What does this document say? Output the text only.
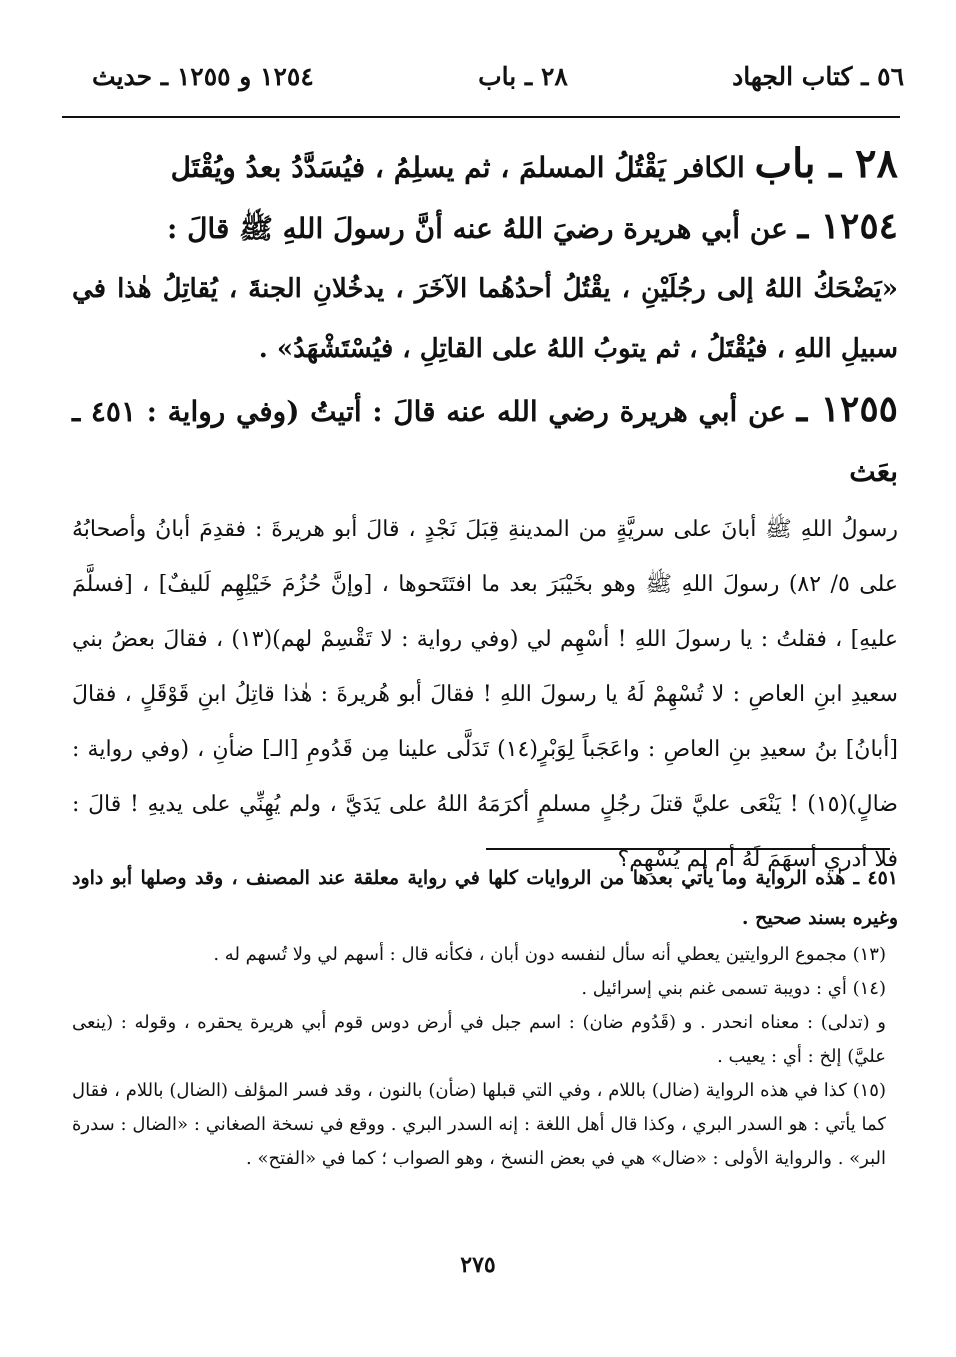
٥٦ ـ كتاب الجهاد
٢٨ ـ باب
١٢٥٤ و ١٢٥٥ ـ حديث

٢٨ ـ باب الكافر يَقْتُلُ المسلمَ ، ثم يسلِمُ ، فيُسَدَّدُ بعدُ ويُقْتَل

١٢٥٤ ـ عن أبي هريرة رضيَ اللهُ عنه أنَّ رسولَ اللهِ ﷺ قالَ :
«يَضْحَكُ اللهُ إلى رجُلَيْنِ ، يقْتُلُ أحدُهُما الآخَرَ ، يدخُلانِ الجنةَ ، يُقاتِلُ هٰذا في سبيلِ اللهِ ، فيُقْتَلُ ، ثم يتوبُ اللهُ على القاتِلِ ، فيُسْتَشْهَدُ» .
١٢٥٥ ـ عن أبي هريرة رضي الله عنه قالَ : أتيتُ (وفي رواية : ٤٥١ ـ بعَث
رسولُ اللهِ ﷺ أبانَ على سريَّةٍ من المدينةِ قِبَلَ نَجْدٍ ، قالَ أبو هريرةَ : فقدِمَ أبانُ وأصحابُهُ على ٥/ ٨٢) رسولَ اللهِ ﷺ وهو بخَيْبَرَ بعد ما افتَتَحوها ، [وإنَّ حُزُمَ خَيْلِهِم لَليفٌ] ، [فسلَّمَ عليهِ] ، فقلتُ : يا رسولَ اللهِ ! أسْهِم لي (وفي رواية : لا تَقْسِمْ لهم)(١٣) ، فقالَ بعضُ بني سعيدِ ابنِ العاصِ : لا تُسْهِمْ لَهُ يا رسولَ اللهِ ! فقالَ أبو هُريرةَ : هٰذا قاتِلُ ابنِ قَوْقَلٍ ، فقالَ [أبانُ] بنُ سعيدِ بنِ العاصِ : واعَجَباً لِوَبْرٍ(١٤) تَدَلَّى علينا مِن قَدُومِ [الـ] ضأنِ ، (وفي رواية : ضالٍ)(١٥) ! يَنْعَى عليَّ قتلَ رجُلٍ مسلمٍ أكرَمَهُ اللهُ على يَدَيَّ ، ولم يُهِنِّي على يديهِ ! قالَ : فلا أدري أسهَمَ لَهُ أم لم يُسْهِم؟

٤٥١ ـ هٰذه الرواية وما يأتي بعدها من الروايات كلها في رواية معلقة عند المصنف ، وقد وصلها أبو داود وغيره بسند صحيح .

(١٣) مجموع الروايتين يعطي أنه سأل لنفسه دون أبان ، فكأنه قال : أسهم لي ولا تُسهم له .

(١٤) أي : دويبة تسمى غنم بني إسرائيل .

و (تدلى) : معناه انحدر . و (قَدُوم ضان) : اسم جبل في أرض دوس قوم أبي هريرة يحقره ، وقوله : (ينعى عليَّ) إلخ : أي : يعيب .

(١٥) كذا في هذه الرواية (ضال) باللام ، وفي التي قبلها (ضأن) بالنون ، وقد فسر المؤلف (الضال) باللام ، فقال كما يأتي : هو السدر البري ، وكذا قال أهل اللغة : إنه السدر البري . ووقع في نسخة الصغاني : «الضال : سدرة البر» . والرواية الأولى : «ضال» هي في بعض النسخ ، وهو الصواب ؛ كما في «الفتح» .

٢٧٥
